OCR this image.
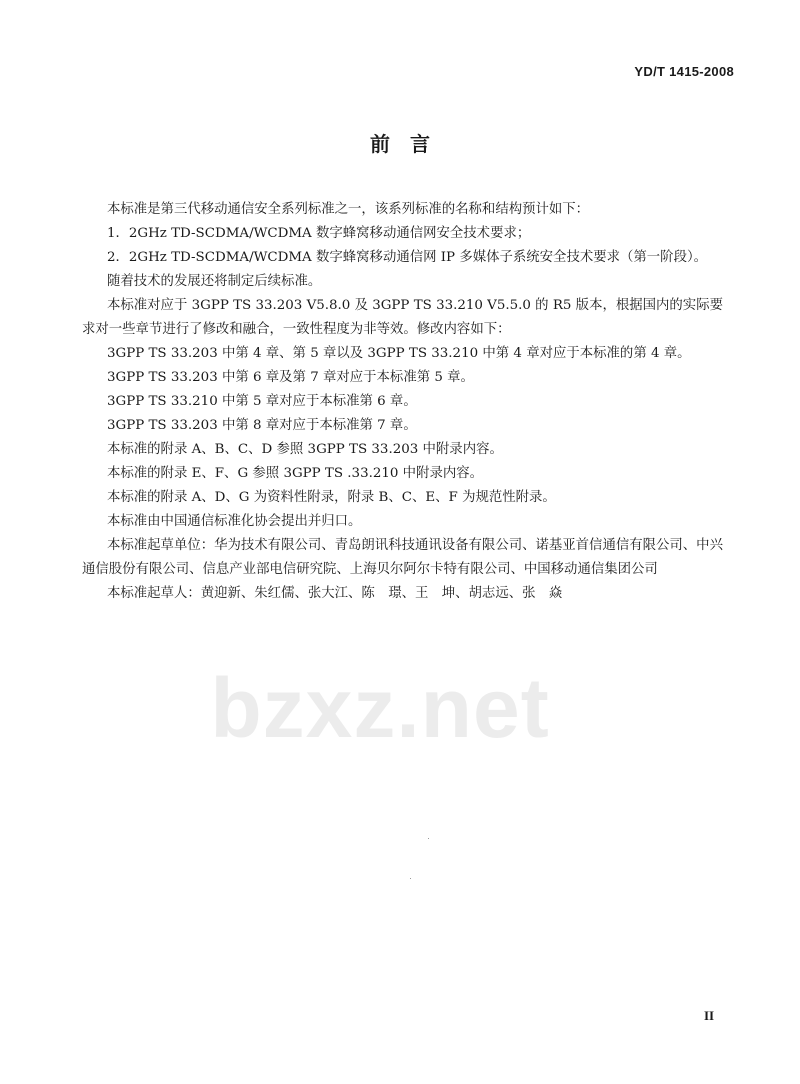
YD/T 1415-2008
bzxz.net
前　言

本标准是第三代移动通信安全系列标准之一，该系列标准的名称和结构预计如下：

1．2GHz TD-SCDMA/WCDMA 数字蜂窝移动通信网安全技术要求；

2．2GHz TD-SCDMA/WCDMA 数字蜂窝移动通信网 IP 多媒体子系统安全技术要求（第一阶段）。

随着技术的发展还将制定后续标准。

本标准对应于 3GPP TS 33.203 V5.8.0 及 3GPP TS 33.210 V5.5.0 的 R5 版本，根据国内的实际要求对一些章节进行了修改和融合，一致性程度为非等效。修改内容如下：

3GPP TS 33.203 中第 4 章、第 5 章以及 3GPP TS 33.210 中第 4 章对应于本标准的第 4 章。

3GPP TS 33.203 中第 6 章及第 7 章对应于本标准第 5 章。

3GPP TS 33.210 中第 5 章对应于本标准第 6 章。

3GPP TS 33.203 中第 8 章对应于本标准第 7 章。

本标准的附录 A、B、C、D 参照 3GPP TS 33.203 中附录内容。

本标准的附录 E、F、G 参照 3GPP TS .33.210 中附录内容。

本标准的附录 A、D、G 为资料性附录，附录 B、C、E、F 为规范性附录。

本标准由中国通信标准化协会提出并归口。

本标准起草单位：华为技术有限公司、青岛朗讯科技通讯设备有限公司、诺基亚首信通信有限公司、中兴通信股份有限公司、信息产业部电信研究院、上海贝尔阿尔卡特有限公司、中国移动通信集团公司

本标准起草人：黄迎新、朱红儒、张大江、陈　璟、王　坤、胡志远、张　焱

II
